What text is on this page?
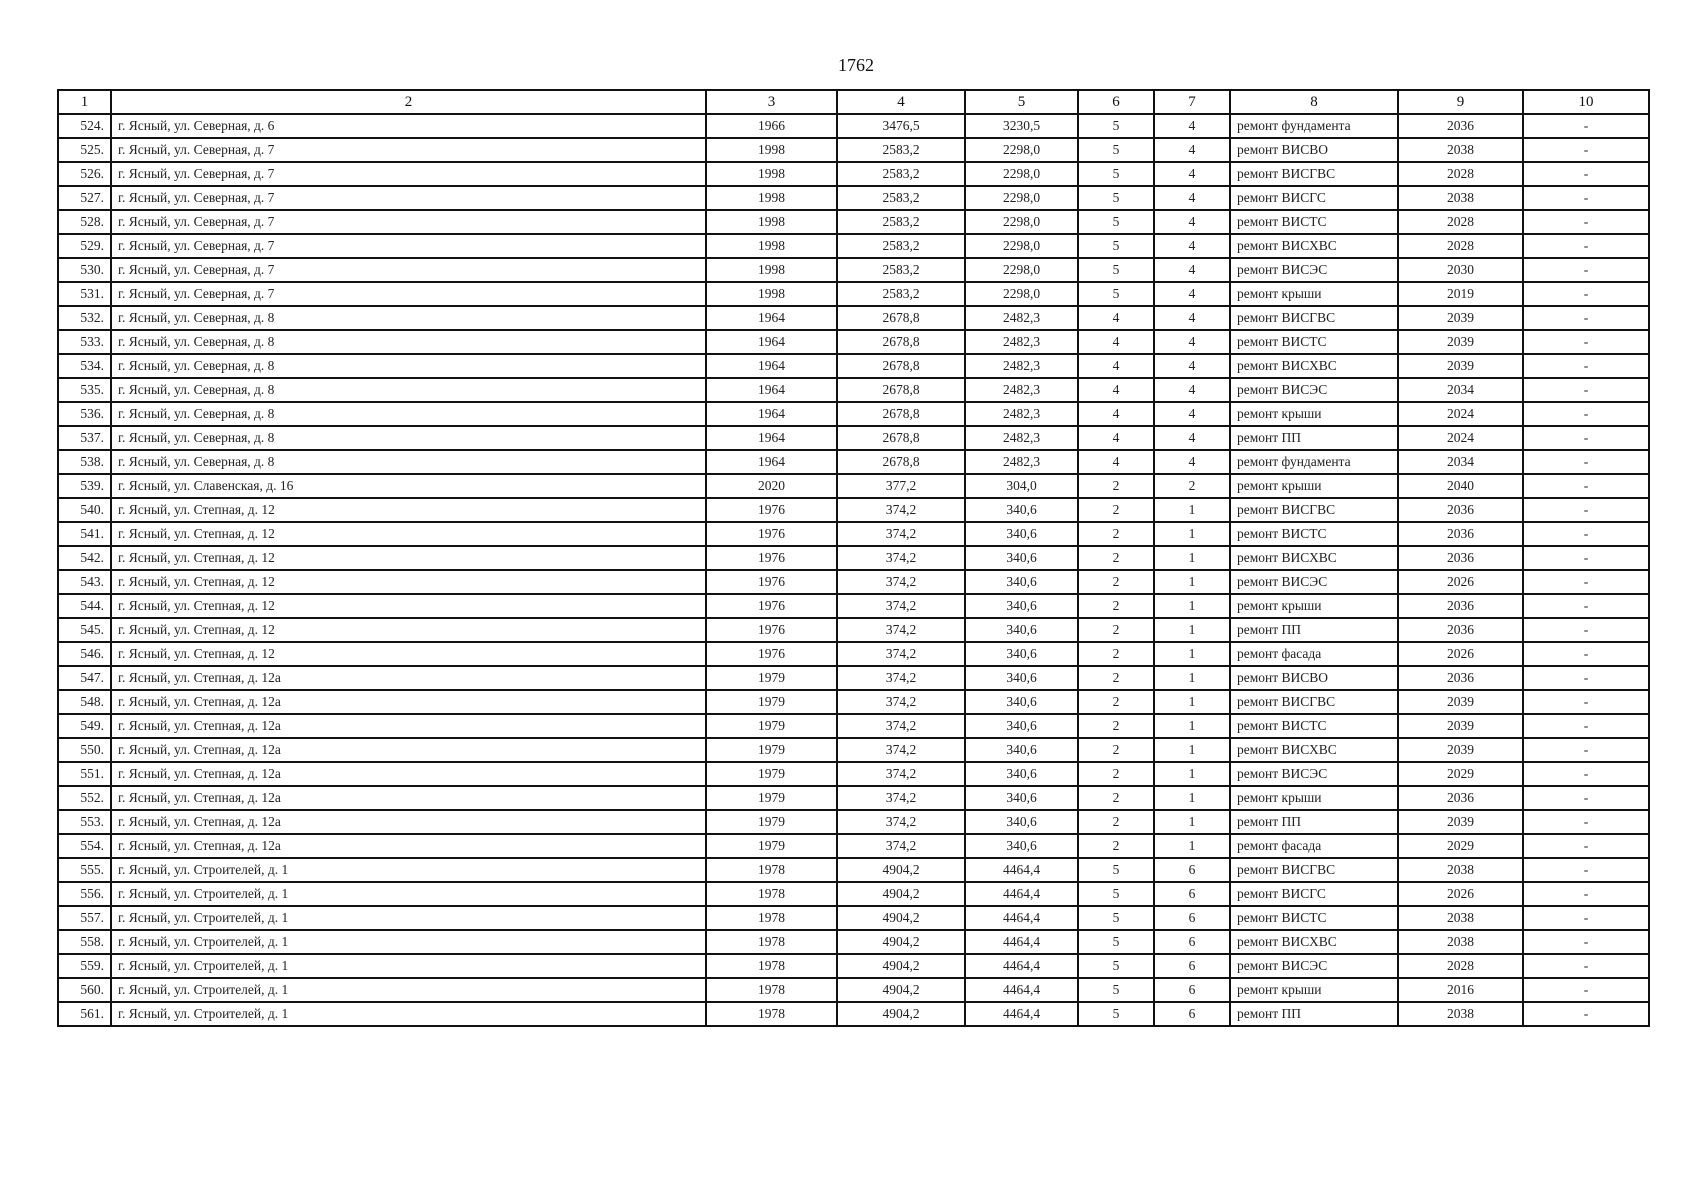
1762
1	2	3	4	5	6	7	8	9	10
524.	г. Ясный, ул. Северная, д. 6	1966	3476,5	3230,5	5	4	ремонт фундамента	2036	-
525.	г. Ясный, ул. Северная, д. 7	1998	2583,2	2298,0	5	4	ремонт ВИСВО	2038	-
526.	г. Ясный, ул. Северная, д. 7	1998	2583,2	2298,0	5	4	ремонт ВИСГВС	2028	-
527.	г. Ясный, ул. Северная, д. 7	1998	2583,2	2298,0	5	4	ремонт ВИСГС	2038	-
528.	г. Ясный, ул. Северная, д. 7	1998	2583,2	2298,0	5	4	ремонт ВИСТС	2028	-
529.	г. Ясный, ул. Северная, д. 7	1998	2583,2	2298,0	5	4	ремонт ВИСХВС	2028	-
530.	г. Ясный, ул. Северная, д. 7	1998	2583,2	2298,0	5	4	ремонт ВИСЭС	2030	-
531.	г. Ясный, ул. Северная, д. 7	1998	2583,2	2298,0	5	4	ремонт крыши	2019	-
532.	г. Ясный, ул. Северная, д. 8	1964	2678,8	2482,3	4	4	ремонт ВИСГВС	2039	-
533.	г. Ясный, ул. Северная, д. 8	1964	2678,8	2482,3	4	4	ремонт ВИСТС	2039	-
534.	г. Ясный, ул. Северная, д. 8	1964	2678,8	2482,3	4	4	ремонт ВИСХВС	2039	-
535.	г. Ясный, ул. Северная, д. 8	1964	2678,8	2482,3	4	4	ремонт ВИСЭС	2034	-
536.	г. Ясный, ул. Северная, д. 8	1964	2678,8	2482,3	4	4	ремонт крыши	2024	-
537.	г. Ясный, ул. Северная, д. 8	1964	2678,8	2482,3	4	4	ремонт ПП	2024	-
538.	г. Ясный, ул. Северная, д. 8	1964	2678,8	2482,3	4	4	ремонт фундамента	2034	-
539.	г. Ясный, ул. Славенская, д. 16	2020	377,2	304,0	2	2	ремонт крыши	2040	-
540.	г. Ясный, ул. Степная, д. 12	1976	374,2	340,6	2	1	ремонт ВИСГВС	2036	-
541.	г. Ясный, ул. Степная, д. 12	1976	374,2	340,6	2	1	ремонт ВИСТС	2036	-
542.	г. Ясный, ул. Степная, д. 12	1976	374,2	340,6	2	1	ремонт ВИСХВС	2036	-
543.	г. Ясный, ул. Степная, д. 12	1976	374,2	340,6	2	1	ремонт ВИСЭС	2026	-
544.	г. Ясный, ул. Степная, д. 12	1976	374,2	340,6	2	1	ремонт крыши	2036	-
545.	г. Ясный, ул. Степная, д. 12	1976	374,2	340,6	2	1	ремонт ПП	2036	-
546.	г. Ясный, ул. Степная, д. 12	1976	374,2	340,6	2	1	ремонт фасада	2026	-
547.	г. Ясный, ул. Степная, д. 12а	1979	374,2	340,6	2	1	ремонт ВИСВО	2036	-
548.	г. Ясный, ул. Степная, д. 12а	1979	374,2	340,6	2	1	ремонт ВИСГВС	2039	-
549.	г. Ясный, ул. Степная, д. 12а	1979	374,2	340,6	2	1	ремонт ВИСТС	2039	-
550.	г. Ясный, ул. Степная, д. 12а	1979	374,2	340,6	2	1	ремонт ВИСХВС	2039	-
551.	г. Ясный, ул. Степная, д. 12а	1979	374,2	340,6	2	1	ремонт ВИСЭС	2029	-
552.	г. Ясный, ул. Степная, д. 12а	1979	374,2	340,6	2	1	ремонт крыши	2036	-
553.	г. Ясный, ул. Степная, д. 12а	1979	374,2	340,6	2	1	ремонт ПП	2039	-
554.	г. Ясный, ул. Степная, д. 12а	1979	374,2	340,6	2	1	ремонт фасада	2029	-
555.	г. Ясный, ул. Строителей, д. 1	1978	4904,2	4464,4	5	6	ремонт ВИСГВС	2038	-
556.	г. Ясный, ул. Строителей, д. 1	1978	4904,2	4464,4	5	6	ремонт ВИСГС	2026	-
557.	г. Ясный, ул. Строителей, д. 1	1978	4904,2	4464,4	5	6	ремонт ВИСТС	2038	-
558.	г. Ясный, ул. Строителей, д. 1	1978	4904,2	4464,4	5	6	ремонт ВИСХВС	2038	-
559.	г. Ясный, ул. Строителей, д. 1	1978	4904,2	4464,4	5	6	ремонт ВИСЭС	2028	-
560.	г. Ясный, ул. Строителей, д. 1	1978	4904,2	4464,4	5	6	ремонт крыши	2016	-
561.	г. Ясный, ул. Строителей, д. 1	1978	4904,2	4464,4	5	6	ремонт ПП	2038	-
